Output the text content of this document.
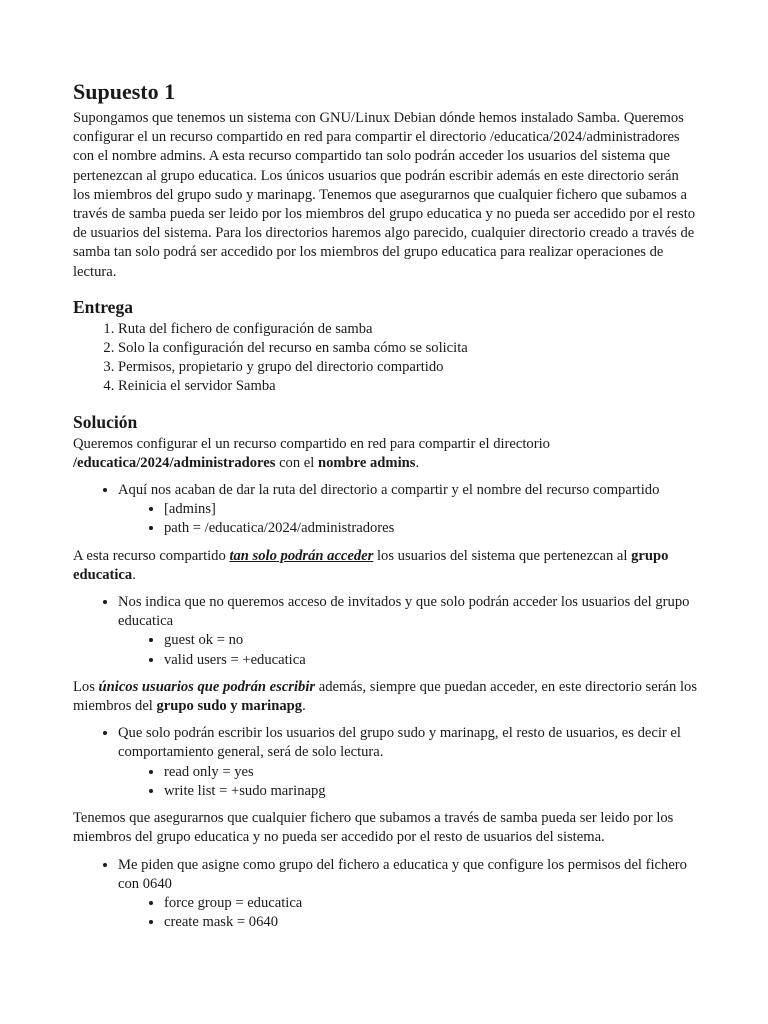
Supuesto 1

Supongamos que tenemos un sistema con GNU/Linux Debian dónde hemos instalado Samba. Queremos configurar el un recurso compartido en red para compartir el directorio /educatica/2024/administradores con el nombre admins. A esta recurso compartido tan solo podrán acceder los usuarios del sistema que pertenezcan al grupo educatica. Los únicos usuarios que podrán escribir además en este directorio serán los miembros del grupo sudo y marinapg. Tenemos que asegurarnos que cualquier fichero que subamos a través de samba pueda ser leido por los miembros del grupo educatica y no pueda ser accedido por el resto de usuarios del sistema. Para los directorios haremos algo parecido, cualquier directorio creado a través de samba tan solo podrá ser accedido por los miembros del grupo educatica para realizar operaciones de lectura.

Entrega
1. Ruta del fichero de configuración de samba
2. Solo la configuración del recurso en samba cómo se solicita
3. Permisos, propietario y grupo del directorio compartido
4. Reinicia el servidor Samba
Solución

Queremos configurar el un recurso compartido en red para compartir el directorio /educatica/2024/administradores con el nombre admins.

• Aquí nos acaban de dar la ruta del directorio a compartir y el nombre del recurso compartido
• [admins]
• path = /educatica/2024/administradores

A esta recurso compartido tan solo podrán acceder los usuarios del sistema que pertenezcan al grupo educatica.

• Nos indica que no queremos acceso de invitados y que solo podrán acceder los usuarios del grupo educatica
• guest ok = no
• valid users = +educatica

Los únicos usuarios que podrán escribir además, siempre que puedan acceder, en este directorio serán los miembros del grupo sudo y marinapg.

• Que solo podrán escribir los usuarios del grupo sudo y marinapg, el resto de usuarios, es decir el comportamiento general, será de solo lectura.
• read only = yes
• write list = +sudo marinapg

Tenemos que asegurarnos que cualquier fichero que subamos a través de samba pueda ser leido por los miembros del grupo educatica y no pueda ser accedido por el resto de usuarios del sistema.

• Me piden que asigne como grupo del fichero a educatica y que configure los permisos del fichero con 0640
• force group = educatica
• create mask = 0640
